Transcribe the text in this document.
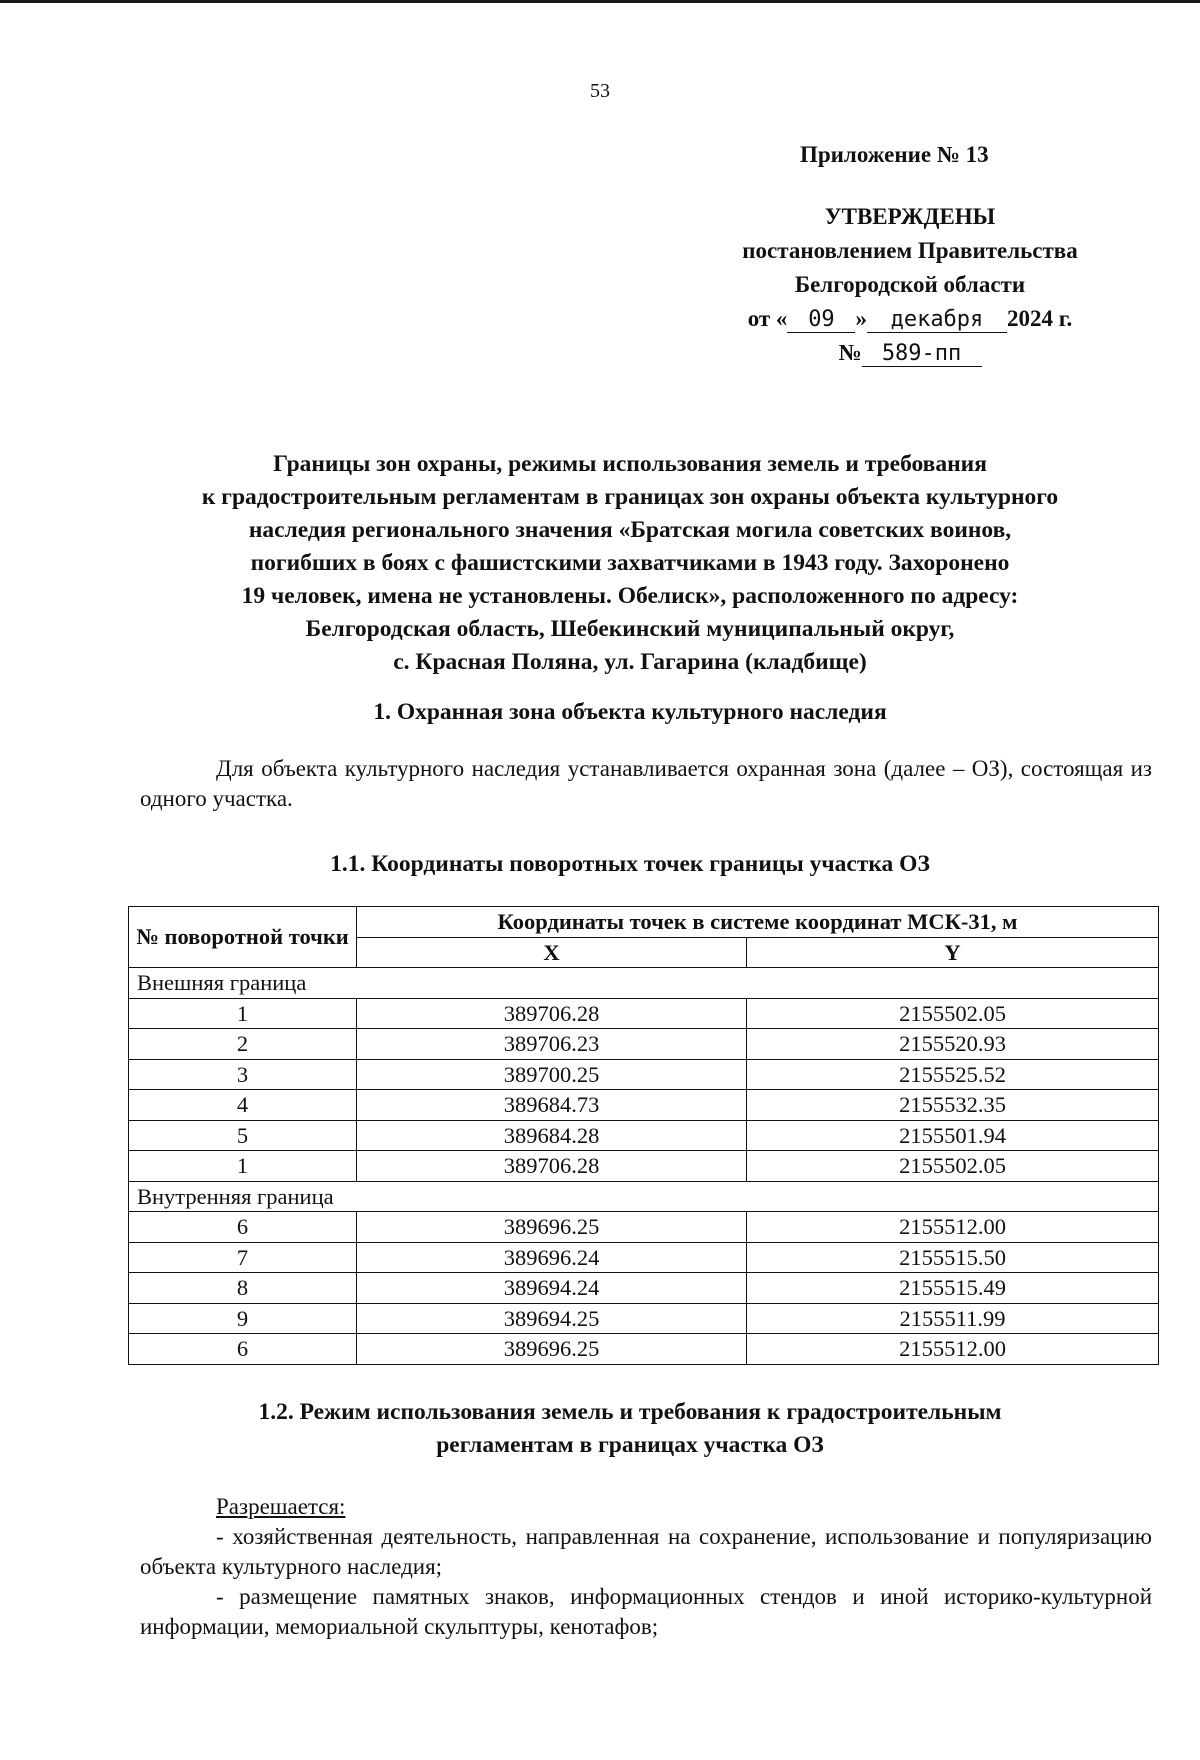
53
Приложение № 13
УТВЕРЖДЕНЫ
постановлением Правительства
Белгородской области
от « 09 » декабря 2024 г.
№ 589-пп
Границы зон охраны, режимы использования земель и требования
к градостроительным регламентам в границах зон охраны объекта культурного
наследия регионального значения «Братская могила советских воинов,
погибших в боях с фашистскими захватчиками в 1943 году. Захоронено
19 человек, имена не установлены. Обелиск», расположенного по адресу:
Белгородская область, Шебекинский муниципальный округ,
с. Красная Поляна, ул. Гагарина (кладбище)
1. Охранная зона объекта культурного наследия
Для объекта культурного наследия устанавливается охранная зона (далее – ОЗ), состоящая из одного участка.
1.1. Координаты поворотных точек границы участка ОЗ
№ поворотной точки	Координаты точек в системе координат МСК-31, м	
	X	Y
Внешняя граница		
1	389706.28	2155502.05
2	389706.23	2155520.93
3	389700.25	2155525.52
4	389684.73	2155532.35
5	389684.28	2155501.94
1	389706.28	2155502.05
Внутренняя граница		
6	389696.25	2155512.00
7	389696.24	2155515.50
8	389694.24	2155515.49
9	389694.25	2155511.99
6	389696.25	2155512.00
1.2. Режим использования земель и требования к градостроительным
регламентам в границах участка ОЗ
Разрешается:
- хозяйственная деятельность, направленная на сохранение, использование и популяризацию объекта культурного наследия;
- размещение памятных знаков, информационных стендов и иной историко-культурной информации, мемориальной скульптуры, кенотафов;
